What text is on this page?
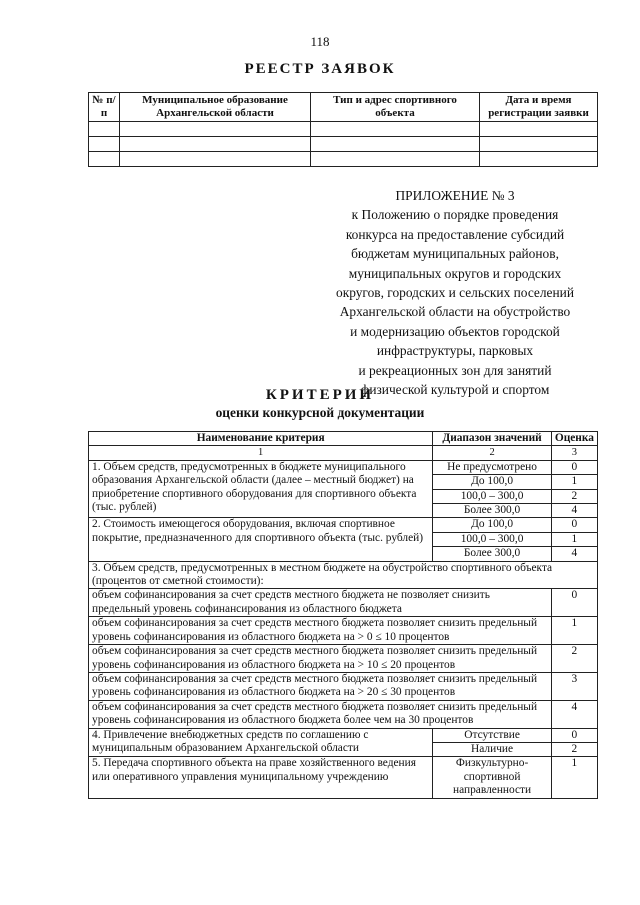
118
РЕЕСТР ЗАЯВОК
№ п/п	Муниципальное образование Архангельской области	Тип и адрес спортивного объекта	Дата и время регистрации заявки

ПРИЛОЖЕНИЕ № 3
к Положению о порядке проведения
конкурса на предоставление субсидий
бюджетам муниципальных районов,
муниципальных округов и городских
округов, городских и сельских поселений
Архангельской области на обустройство
и модернизацию объектов городской
инфраструктуры, парковых
и рекреационных зон для занятий
физической культурой и спортом
КРИТЕРИИ
оценки конкурсной документации
Наименование критерия	Диапазон значений	Оценка
1	2	3
1. Объем средств, предусмотренных в бюджете муниципального образования Архангельской области (далее – местный бюджет) на приобретение спортивного оборудования для спортивного объекта (тыс. рублей)	Не предусмотрено	0
	До 100,0	1
	100,0 – 300,0	2
	Более 300,0	4
2. Стоимость имеющегося оборудования, включая спортивное покрытие, предназначенного для спортивного объекта (тыс. рублей)	До 100,0	0
	100,0 – 300,0	1
	Более 300,0	4
3. Объем средств, предусмотренных в местном бюджете на обустройство спортивного объекта (процентов от сметной стоимости):		
объем софинансирования за счет средств местного бюджета не позволяет снизить предельный уровень софинансирования из областного бюджета		0
объем софинансирования за счет средств местного бюджета позволяет снизить предельный уровень софинансирования из областного бюджета на > 0 ≤ 10 процентов		1
объем софинансирования за счет средств местного бюджета позволяет снизить предельный уровень софинансирования из областного бюджета на > 10 ≤ 20 процентов		2
объем софинансирования за счет средств местного бюджета позволяет снизить предельный уровень софинансирования из областного бюджета на > 20 ≤ 30 процентов		3
объем софинансирования за счет средств местного бюджета позволяет снизить предельный уровень софинансирования из областного бюджета более чем на 30 процентов		4
4. Привлечение внебюджетных средств по соглашению с муниципальным образованием Архангельской области	Отсутствие	0
	Наличие	2
5. Передача спортивного объекта на праве хозяйственного ведения или оперативного управления муниципальному учреждению	Физкультурно-спортивной направленности	1
